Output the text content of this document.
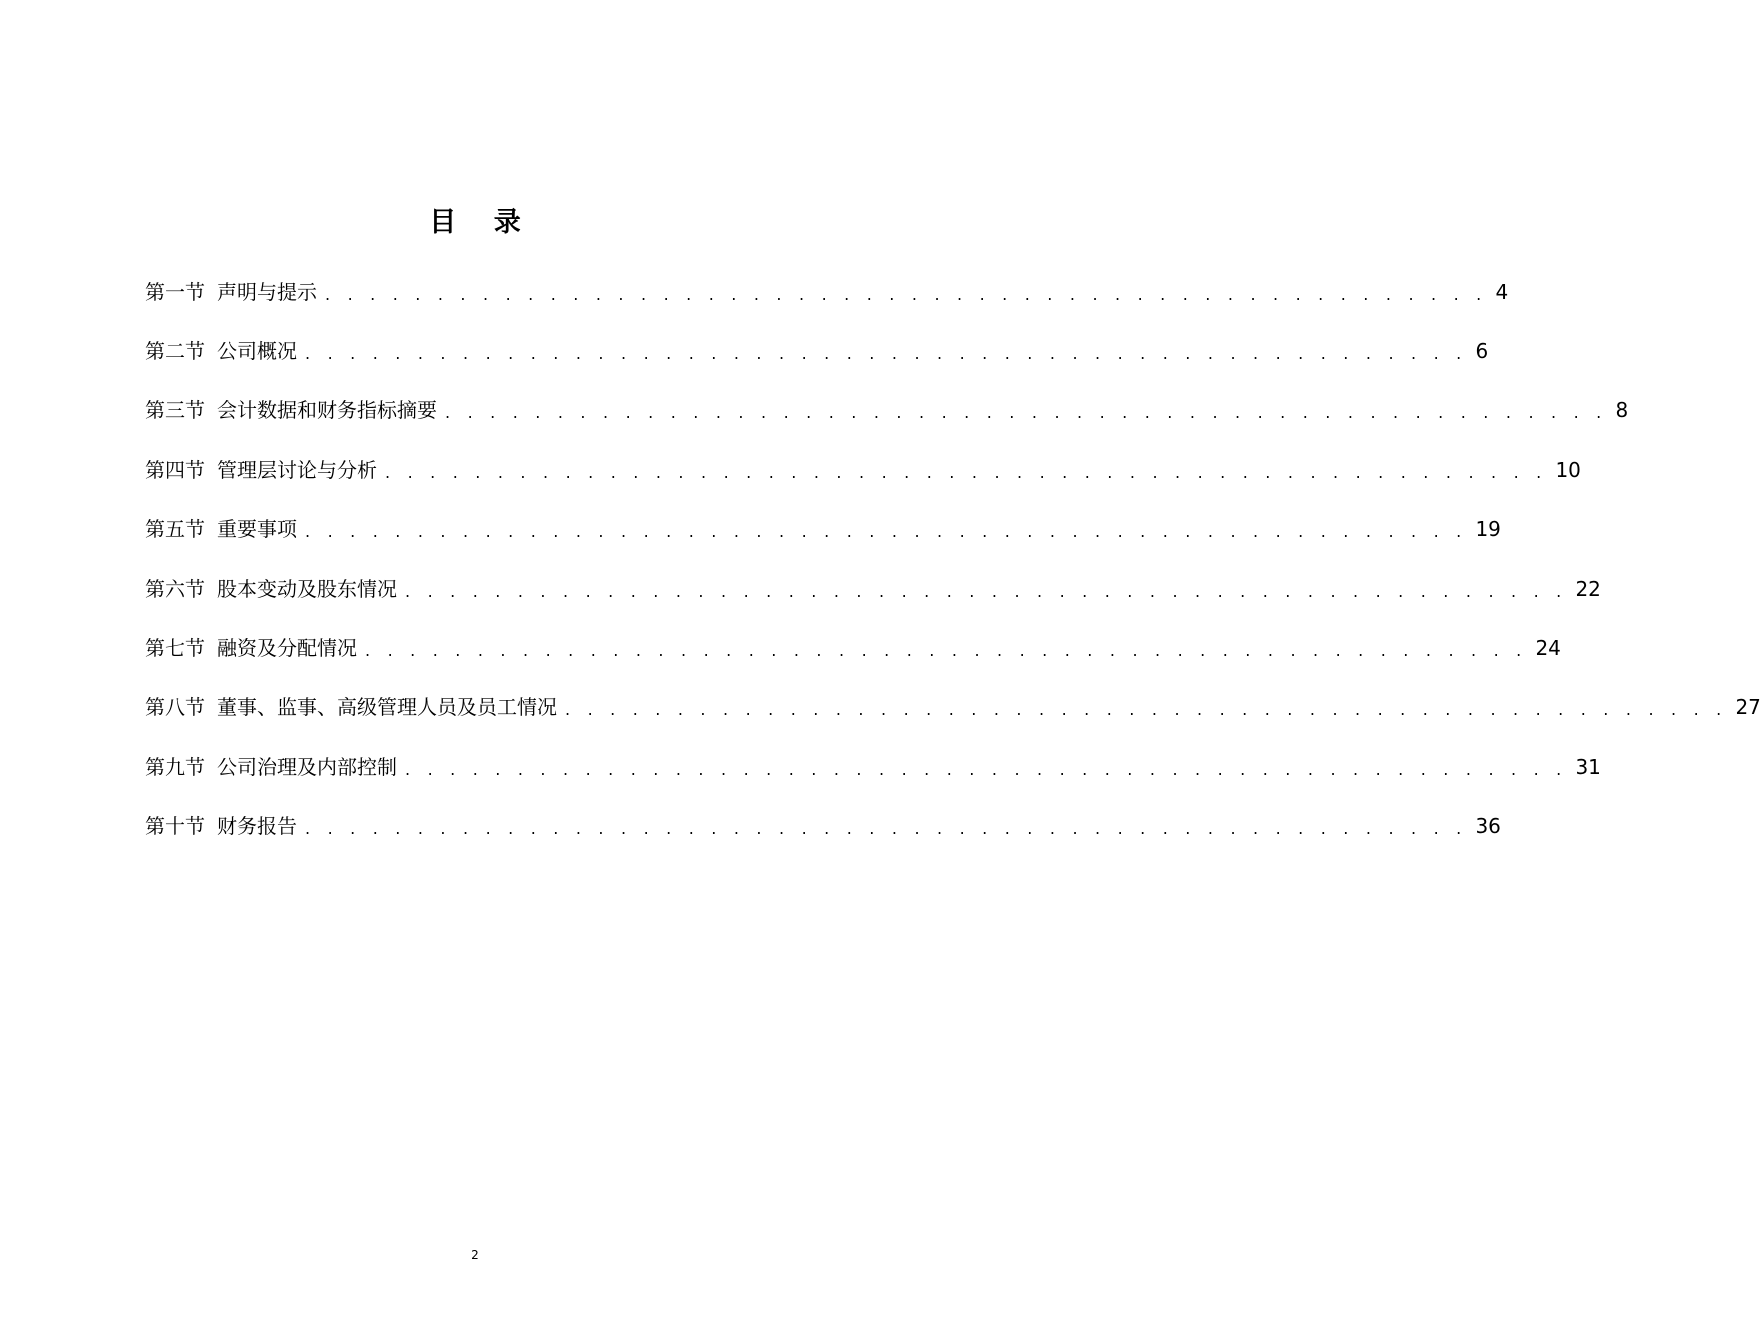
目 录
第一节 声明与提示 . . . . . . . . . . . . . . . . . . . . . . . . . . . . . . . . . . . . . . . . . . . . . . . . . . . . 4
第二节 公司概况 . . . . . . . . . . . . . . . . . . . . . . . . . . . . . . . . . . . . . . . . . . . . . . . . . . . . 6
第三节 会计数据和财务指标摘要 . . . . . . . . . . . . . . . . . . . . . . . . . . . . . . . . . . . . . . . . . . . . . . . . . . . . 8
第四节 管理层讨论与分析 . . . . . . . . . . . . . . . . . . . . . . . . . . . . . . . . . . . . . . . . . . . . . . . . . . . . 10
第五节 重要事项 . . . . . . . . . . . . . . . . . . . . . . . . . . . . . . . . . . . . . . . . . . . . . . . . . . . . 19
第六节 股本变动及股东情况 . . . . . . . . . . . . . . . . . . . . . . . . . . . . . . . . . . . . . . . . . . . . . . . . . . . . 22
第七节 融资及分配情况 . . . . . . . . . . . . . . . . . . . . . . . . . . . . . . . . . . . . . . . . . . . . . . . . . . . . 24
第八节 董事、监事、高级管理人员及员工情况 . . . . . . . . . . . . . . . . . . . . . . . . . . . . . . . . . . . . . . . . . . . . . . . . . . . . 27
第九节 公司治理及内部控制 . . . . . . . . . . . . . . . . . . . . . . . . . . . . . . . . . . . . . . . . . . . . . . . . . . . . 31
第十节 财务报告 . . . . . . . . . . . . . . . . . . . . . . . . . . . . . . . . . . . . . . . . . . . . . . . . . . . . 36
2
